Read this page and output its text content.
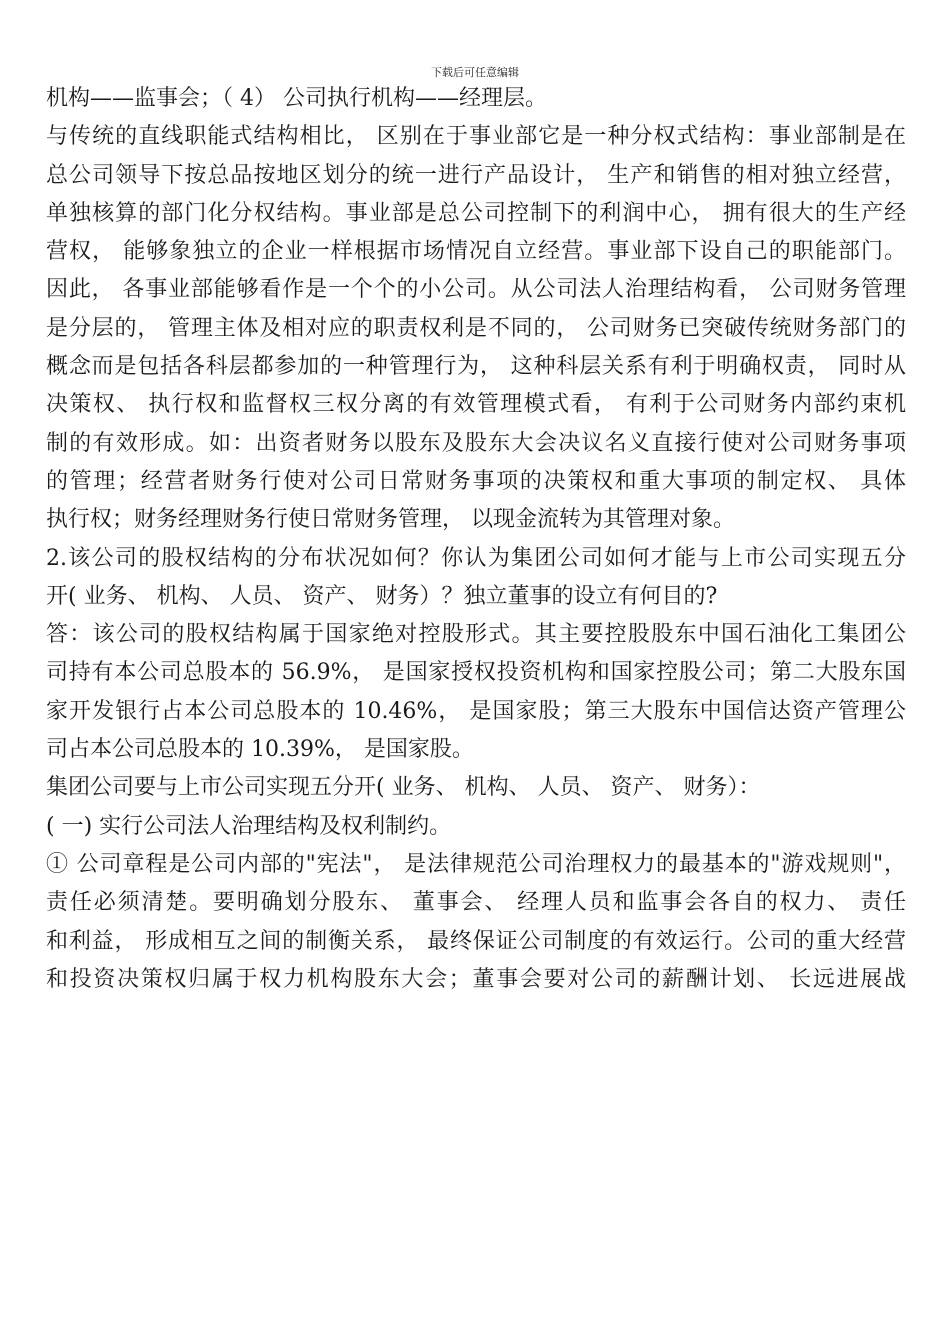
下载后可任意编辑
机构——监事会；（ 4） 公司执行机构——经理层。
与传统的直线职能式结构相比， 区别在于事业部它是一种分权式结构：事业部制是在
总公司领导下按总品按地区划分的统一进行产品设计， 生产和销售的相对独立经营，
单独核算的部门化分权结构。事业部是总公司控制下的利润中心， 拥有很大的生产经
营权， 能够象独立的企业一样根据市场情况自立经营。事业部下设自己的职能部门。
因此， 各事业部能够看作是一个个的小公司。从公司法人治理结构看， 公司财务管理
是分层的， 管理主体及相对应的职责权利是不同的， 公司财务已突破传统财务部门的
概念而是包括各科层都参加的一种管理行为， 这种科层关系有利于明确权责， 同时从
决策权、 执行权和监督权三权分离的有效管理模式看， 有利于公司财务内部约束机
制的有效形成。如：出资者财务以股东及股东大会决议名义直接行使对公司财务事项
的管理；经营者财务行使对公司日常财务事项的决策权和重大事项的制定权、 具体
执行权；财务经理财务行使日常财务管理， 以现金流转为其管理对象。
2.该公司的股权结构的分布状况如何？你认为集团公司如何才能与上市公司实现五分
开( 业务、 机构、 人员、 资产、 财务）？独立董事的设立有何目的?
答：该公司的股权结构属于国家绝对控股形式。其主要控股股东中国石油化工集团公
司持有本公司总股本的 56.9%， 是国家授权投资机构和国家控股公司；第二大股东国
家开发银行占本公司总股本的 10.46%， 是国家股；第三大股东中国信达资产管理公
司占本公司总股本的 10.39%， 是国家股。
集团公司要与上市公司实现五分开( 业务、 机构、 人员、 资产、 财务）：
( 一) 实行公司法人治理结构及权利制约。
① 公司章程是公司内部的"宪法"， 是法律规范公司治理权力的最基本的"游戏规则"，
责任必须清楚。要明确划分股东、 董事会、 经理人员和监事会各自的权力、 责任
和利益， 形成相互之间的制衡关系， 最终保证公司制度的有效运行。公司的重大经营
和投资决策权归属于权力机构股东大会；董事会要对公司的薪酬计划、 长远进展战
